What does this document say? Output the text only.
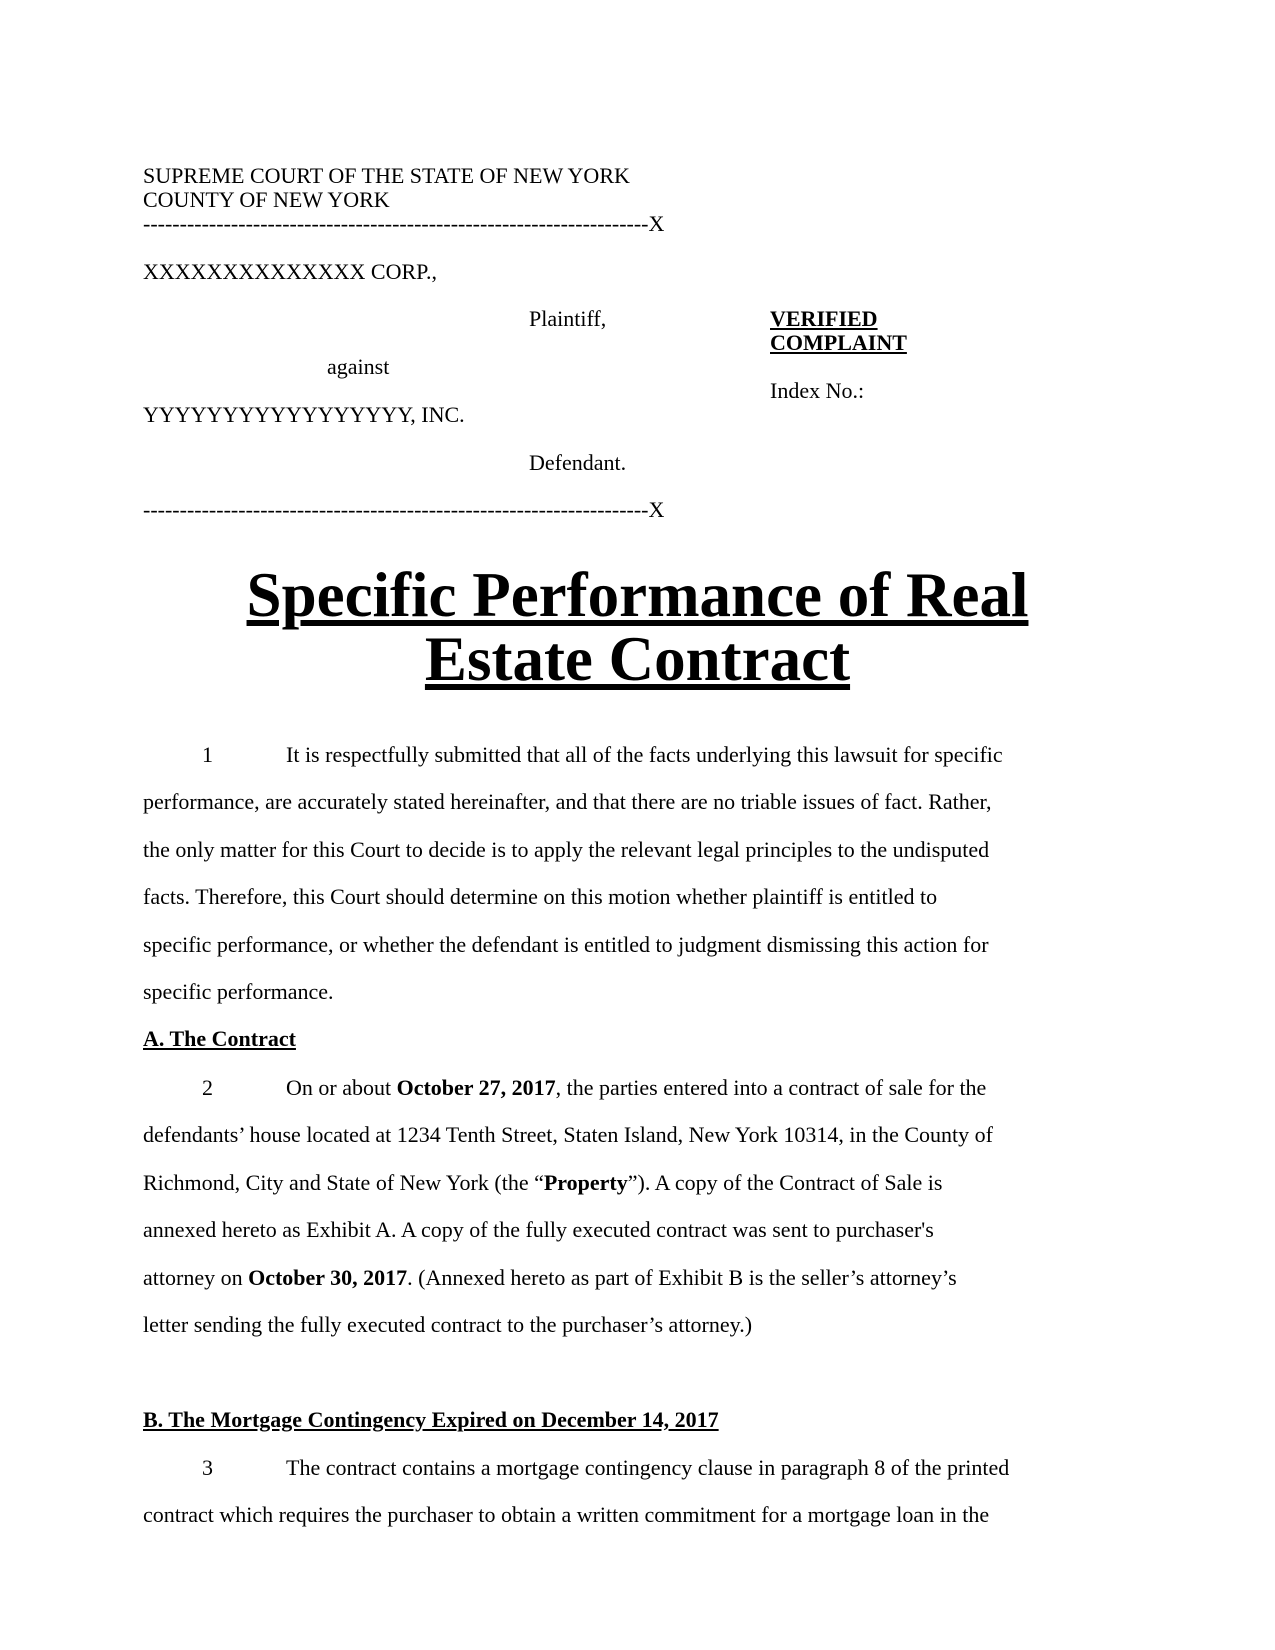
SUPREME COURT OF THE STATE OF NEW YORK
COUNTY OF NEW YORK
---------------------------------------------------------------------X
XXXXXXXXXXXXXX CORP.,
Plaintiff,	VERIFIED
COMPLAINT
against
Index No.:
YYYYYYYYYYYYYYYYY, INC.
Defendant.
---------------------------------------------------------------------X
Specific Performance of Real
Estate Contract
1	It is respectfully submitted that all of the facts underlying this lawsuit for specific
performance, are accurately stated hereinafter, and that there are no triable issues of fact. Rather,
the only matter for this Court to decide is to apply the relevant legal principles to the undisputed
facts. Therefore, this Court should determine on this motion whether plaintiff is entitled to
specific performance, or whether the defendant is entitled to judgment dismissing this action for
specific performance.
A. The Contract
2	On or about October 27, 2017, the parties entered into a contract of sale for the
defendants’ house located at 1234 Tenth Street, Staten Island, New York 10314, in the County of
Richmond, City and State of New York (the “Property”). A copy of the Contract of Sale is
annexed hereto as Exhibit A. A copy of the fully executed contract was sent to purchaser's
attorney on October 30, 2017. (Annexed hereto as part of Exhibit B is the seller’s attorney’s
letter sending the fully executed contract to the purchaser’s attorney.)
B. The Mortgage Contingency Expired on December 14, 2017
3	The contract contains a mortgage contingency clause in paragraph 8 of the printed
contract which requires the purchaser to obtain a written commitment for a mortgage loan in the
